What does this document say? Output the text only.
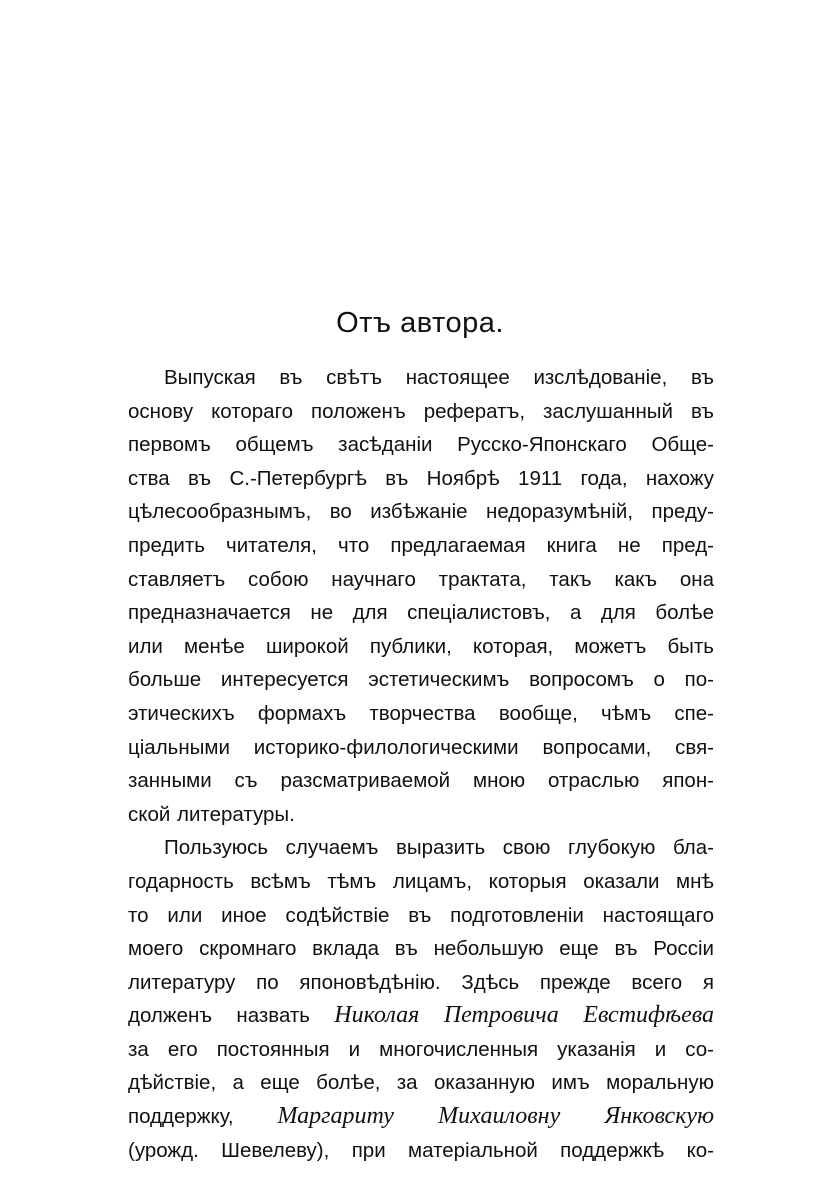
Отъ автора.
Выпуская въ свѣтъ настоящее изслѣдованіе, въ
основу котораго положенъ рефератъ, заслушанный въ
первомъ общемъ засѣданіи Русско-Японскаго Обще-
ства въ С.-Петербургѣ въ Ноябрѣ 1911 года, нахожу
цѣлесообразнымъ, во избѣжаніе недоразумѣній, преду-
предить читателя, что предлагаемая книга не пред-
ставляетъ собою научнаго трактата, такъ какъ она
предназначается не для спеціалистовъ, а для болѣе
или менѣе широкой публики, которая, можетъ быть
больше интересуется эстетическимъ вопросомъ о по-
этическихъ формахъ творчества вообще, чѣмъ спе-
ціальными историко-филологическими вопросами, свя-
занными съ разсматриваемой мною отраслью япон-
ской литературы.
Пользуюсь случаемъ выразить свою глубокую бла-
годарность всѣмъ тѣмъ лицамъ, которыя оказали мнѣ
то или иное содѣйствіе въ подготовленіи настоящаго
моего скромнаго вклада въ небольшую еще въ Россіи
литературу по японовѣдѣнію. Здѣсь прежде всего я
долженъ назвать Николая Петровича Евстифѣева
за его постоянныя и многочисленныя указанія и со-
дѣйствіе, а еще болѣе, за оказанную имъ моральную
поддержку, Маргариту Михаиловну Янковскую
(урожд. Шевелеву), при матеріальной поддержкѣ ко-
